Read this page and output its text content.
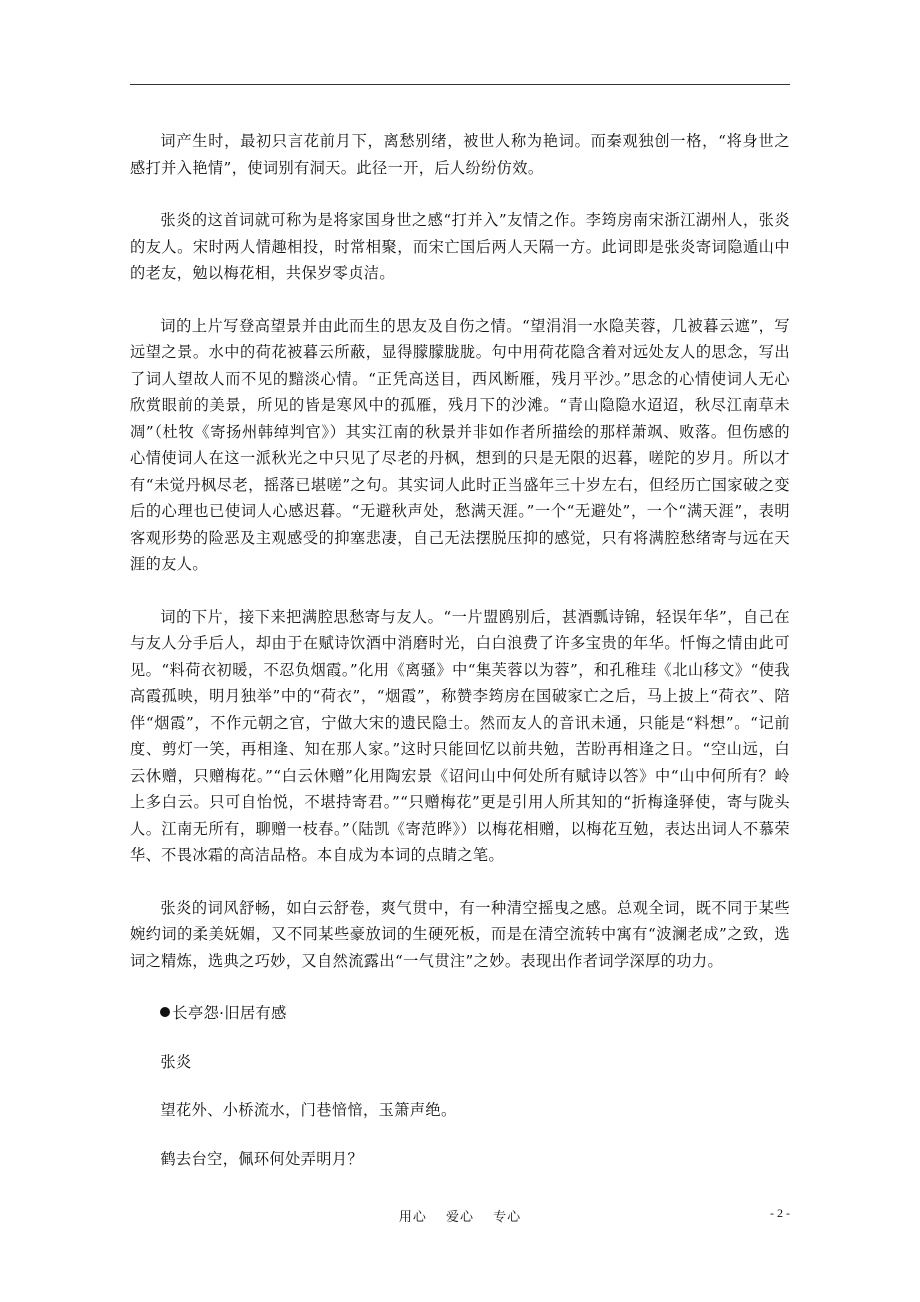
词产生时，最初只言花前月下，离愁别绪，被世人称为艳词。而秦观独创一格，“将身世之感打并入艳情”，使词别有洞天。此径一开，后人纷纷仿效。

张炎的这首词就可称为是将家国身世之感“打并入”友情之作。李筠房南宋浙江湖州人，张炎的友人。宋时两人情趣相投，时常相聚，而宋亡国后两人天隔一方。此词即是张炎寄词隐遁山中的老友，勉以梅花相，共保岁零贞洁。

词的上片写登高望景并由此而生的思友及自伤之情。“望涓涓一水隐芙蓉，几被暮云遮”，写远望之景。水中的荷花被暮云所蔽，显得朦朦胧胧。句中用荷花隐含着对远处友人的思念，写出了词人望故人而不见的黯淡心情。“正凭高送目，西风断雁，残月平沙。”思念的心情使词人无心欣赏眼前的美景，所见的皆是寒风中的孤雁，残月下的沙滩。“青山隐隐水迢迢，秋尽江南草未凋”（杜牧《寄扬州韩绰判官》）其实江南的秋景并非如作者所描绘的那样萧飒、败落。但伤感的心情使词人在这一派秋光之中只见了尽老的丹枫，想到的只是无限的迟暮，嗟陀的岁月。所以才有“未觉丹枫尽老，摇落已堪嗟”之句。其实词人此时正当盛年三十岁左右，但经历亡国家破之变后的心理也已使词人心感迟暮。“无避秋声处，愁满天涯。”一个“无避处”，一个“满天涯”，表明客观形势的险恶及主观感受的抑塞悲凄，自己无法摆脱压抑的感觉，只有将满腔愁绪寄与远在天涯的友人。

词的下片，接下来把满腔思愁寄与友人。“一片盟鸥别后，甚酒瓢诗锦，轻误年华”，自己在与友人分手后人，却由于在赋诗饮酒中消磨时光，白白浪费了许多宝贵的年华。忏悔之情由此可见。“料荷衣初暖，不忍负烟霞。”化用《离骚》中“集芙蓉以为蓉”，和孔稚珪《北山移文》“使我高霞孤映，明月独举”中的“荷衣”，“烟霞”，称赞李筠房在国破家亡之后，马上披上“荷衣”、陪伴“烟霞”，不作元朝之官，宁做大宋的遗民隐士。然而友人的音讯未通，只能是“料想”。“记前度、剪灯一笑，再相逢、知在那人家。”这时只能回忆以前共勉，苦盼再相逢之日。“空山远，白云休赠，只赠梅花。”“白云休赠”化用陶宏景《诏问山中何处所有赋诗以答》中“山中何所有？岭上多白云。只可自怡悦，不堪持寄君。”“只赠梅花”更是引用人所其知的“折梅逢驿使，寄与陇头人。江南无所有，聊赠一枝春。”（陆凯《寄范晔》）以梅花相赠，以梅花互勉，表达出词人不慕荣华、不畏冰霜的高洁品格。本自成为本词的点睛之笔。

张炎的词风舒畅，如白云舒卷，爽气贯中，有一种清空摇曳之感。总观全词，既不同于某些婉约词的柔美妩媚，又不同某些豪放词的生硬死板，而是在清空流转中寓有“波澜老成”之致，选词之精炼，选典之巧妙，又自然流露出“一气贯注”之妙。表现出作者词学深厚的功力。

长亭怨·旧居有感
张炎
望花外、小桥流水，门巷愔愔，玉箫声绝。
鹤去台空，佩环何处弄明月？
用心 爱心 专心	- 2 -
